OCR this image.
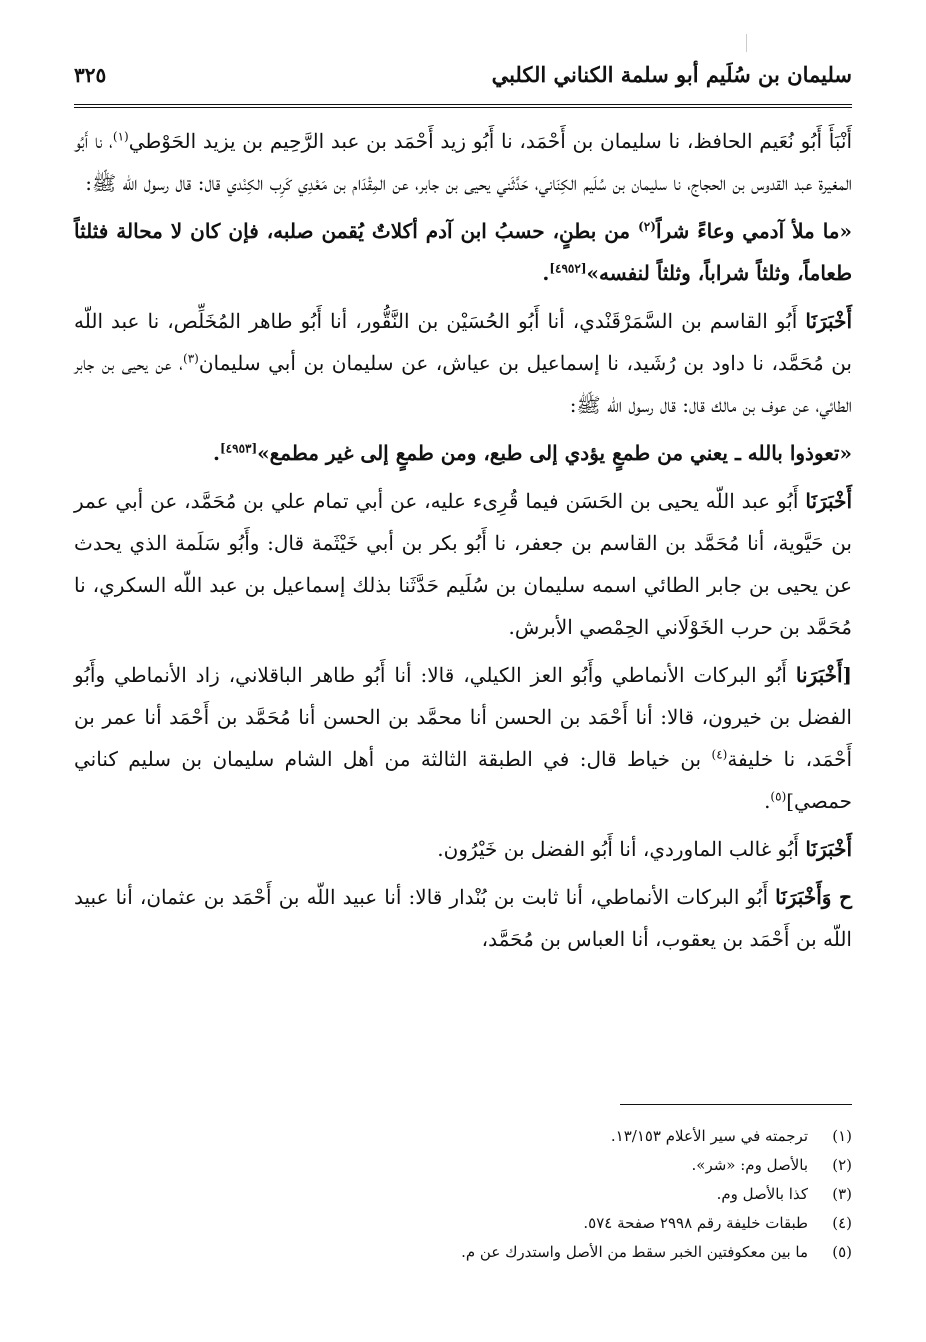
سليمان بن سُلَيم أبو سلمة الكناني الكلبي
٣٢٥

أَنْبَأَ أَبُو نُعَيم الحافظ، نا سليمان بن أَحْمَد، نا أَبُو زيد أَحْمَد بن عبد الرَّحِيم بن يزيد الحَوْطي$^{(١)}$، نا أَبُو المغيرة عبد القدوس بن الحجاج، نا سليمان بن سُلَيم الكِنَاني، حَدَّثَني يحيى بن جابر، عن المِقْدَام بن مَعْدِي كَرِب الكِنْدي قال: قال رسول الله ﷺ:

«ما ملأ آدمي وعاءً شراً$^{(٢)}$ من بطنٍ، حسبُ ابن آدم أكلاتٌ يُقمن صلبه، فإن كان لا محالة فثلثاً طعاماً، وثلثاً شراباً، وثلثاً لنفسه»[٤٩٥٢].

أَخْبَرَنَا أَبُو القاسم بن السَّمَرْقَنْدي، أنا أَبُو الحُسَيْن بن النَّقُّور، أنا أَبُو طاهر المُخَلِّص، نا عبد اللّه بن مُحَمَّد، نا داود بن رُشَيد، نا إسماعيل بن عياش، عن سليمان بن أبي سليمان$^{(٣)}$، عن يحيى بن جابر الطائي، عن عوف بن مالك قال: قال رسول الله ﷺ:

«تعوذوا بالله ـ يعني من طمعٍ يؤدي إلى طبع، ومن طمعٍ إلى غير مطمع»[٤٩٥٣].

أَخْبَرَنَا أَبُو عبد اللّه يحيى بن الحَسَن فيما قُرِىء عليه، عن أبي تمام علي بن مُحَمَّد، عن أبي عمر بن حَيَّوية، أنا مُحَمَّد بن القاسم بن جعفر، نا أَبُو بكر بن أبي خَيْثَمة قال: وأَبُو سَلَمة الذي يحدث عن يحيى بن جابر الطائي اسمه سليمان بن سُلَيم حَدَّثَنا بذلك إسماعيل بن عبد اللّه السكري، نا مُحَمَّد بن حرب الخَوْلَاني الحِمْصي الأبرش.

[أَخْبَرَنا أَبُو البركات الأنماطي وأَبُو العز الكيلي، قالا: أنا أَبُو طاهر الباقلاني، زاد الأنماطي وأَبُو الفضل بن خيرون، قالا: أنا أَحْمَد بن الحسن أنا محمَّد بن الحسن أنا مُحَمَّد بن أَحْمَد أنا عمر بن أَحْمَد، نا خليفة$^{(٤)}$ بن خياط قال: في الطبقة الثالثة من أهل الشام سليمان بن سليم كناني حمصي]$^{(٥)}$.

أَخْبَرَنَا أَبُو غالب الماوردي، أنا أَبُو الفضل بن خَيْرُون.

ح وَأَخْبَرَنَا أَبُو البركات الأنماطي، أنا ثابت بن بُنْدار قالا: أنا عبيد اللّه بن أَحْمَد بن عثمان، أنا عبيد اللّه بن أَحْمَد بن يعقوب، أنا العباس بن مُحَمَّد،

(١)
ترجمته في سير الأعلام ١٣/١٥٣.
(٢)
بالأصل وم: «شر».
(٣)
كذا بالأصل وم.
(٤)
طبقات خليفة رقم ٢٩٩٨ صفحة ٥٧٤.
(٥)
ما بين معكوفتين الخبر سقط من الأصل واستدرك عن م.
